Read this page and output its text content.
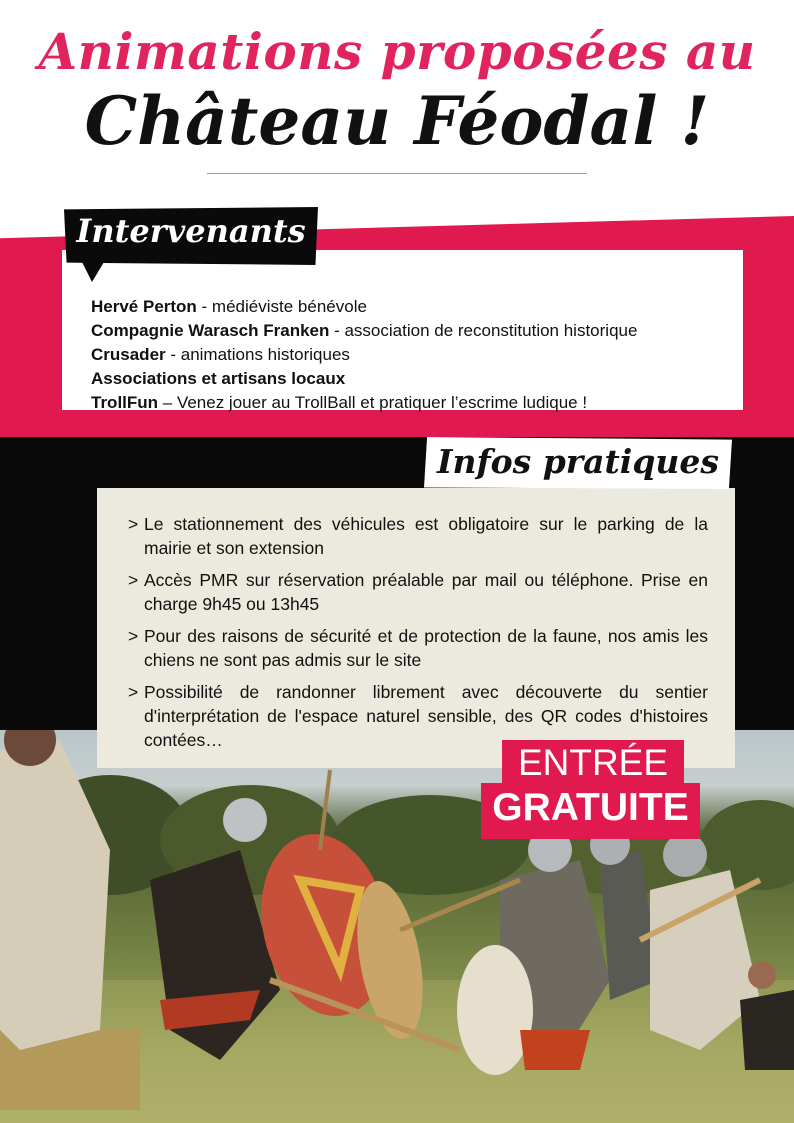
Animations proposées au
Château Féodal !
Intervenants
Hervé Perton - médiéviste bénévole
Compagnie Warasch Franken - association de reconstitution historique
Crusader - animations historiques
Associations et artisans locaux
TrollFun – Venez jouer au TrollBall et pratiquer l’escrime ludique !
Infos pratiques
> Le stationnement des véhicules est obligatoire sur le parking de la mairie et son extension
> Accès PMR sur réservation préalable par mail ou téléphone. Prise en charge 9h45 ou 13h45
> Pour des raisons de sécurité et de protection de la faune, nos amis les chiens ne sont pas admis sur le site
> Possibilité de randonner librement avec découverte du sentier d'interprétation de l'espace naturel sensible, des QR codes d'histoires contées…
ENTRÉE
GRATUITE
